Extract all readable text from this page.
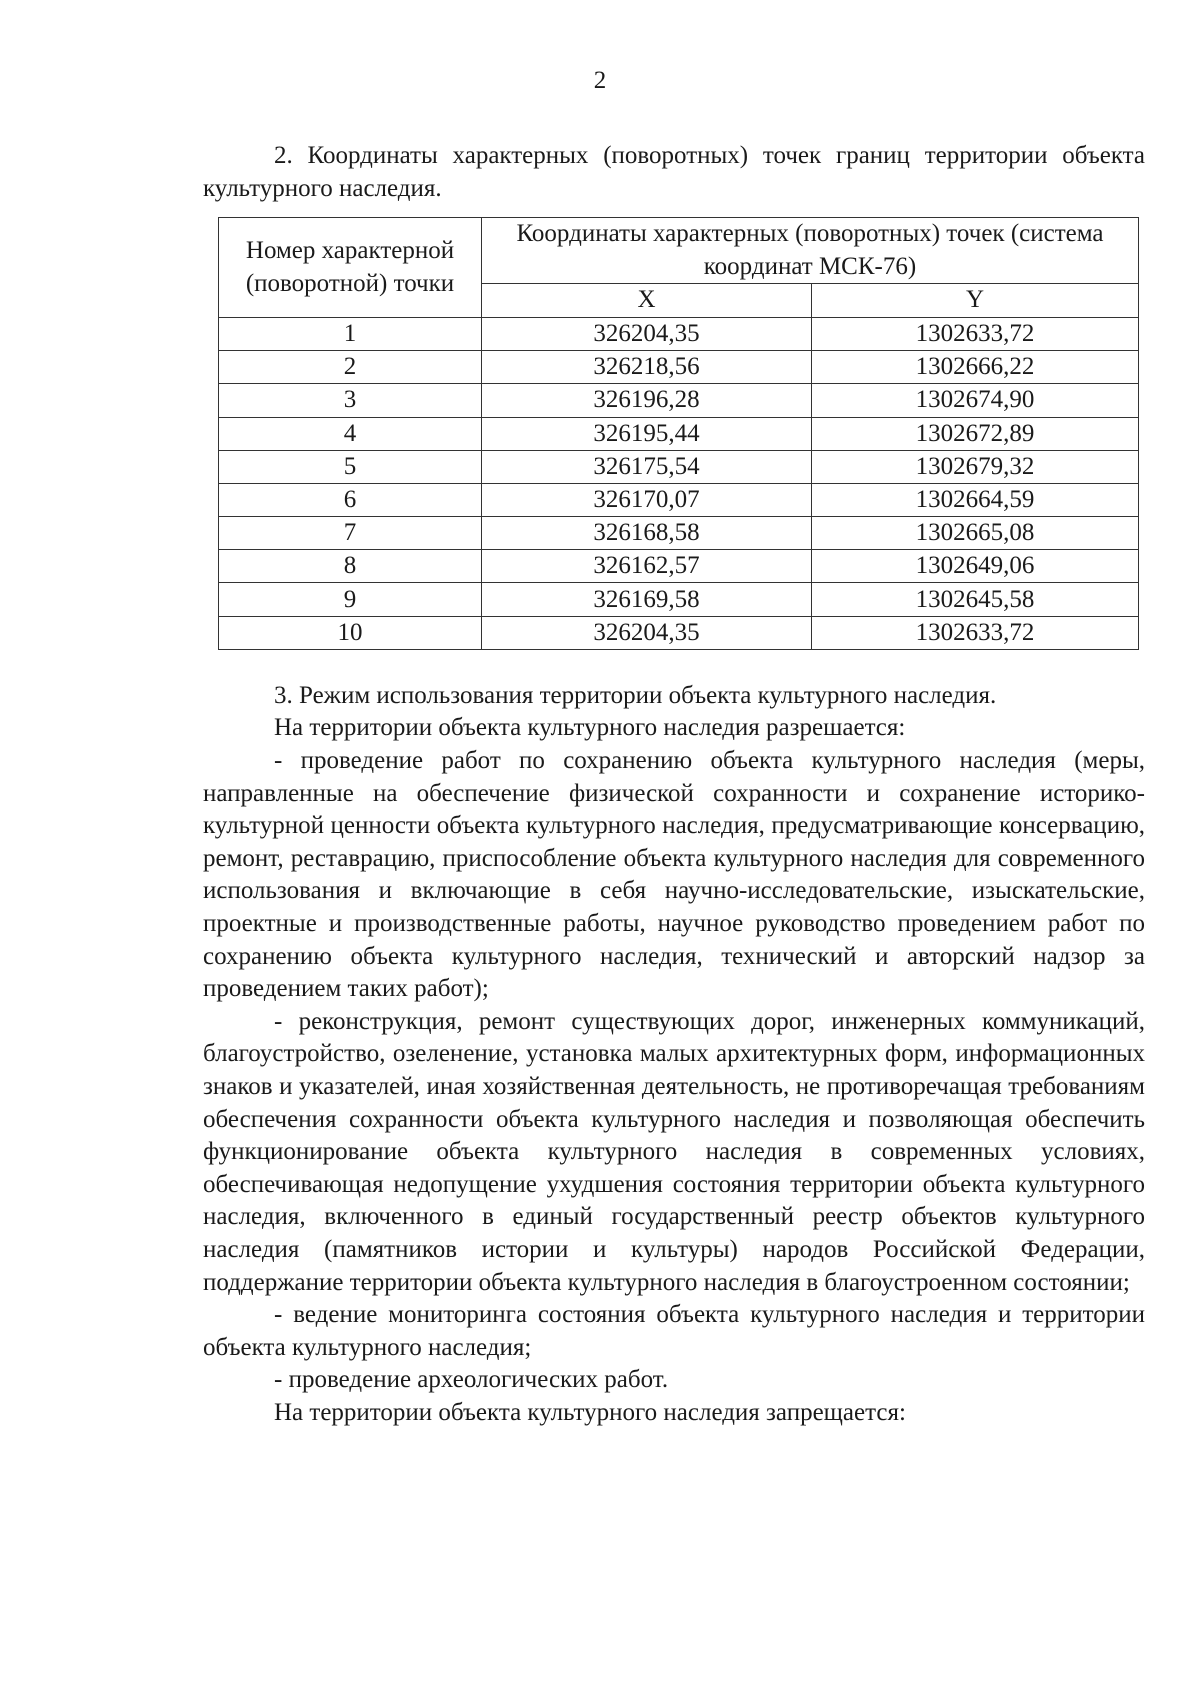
2

2. Координаты характерных (поворотных) точек границ территории объекта культурного наследия.

Номер характерной (поворотной) точки	Координаты характерных (поворотных) точек (система координат МСК-76)	
	X	Y
1	326204,35	1302633,72
2	326218,56	1302666,22
3	326196,28	1302674,90
4	326195,44	1302672,89
5	326175,54	1302679,32
6	326170,07	1302664,59
7	326168,58	1302665,08
8	326162,57	1302649,06
9	326169,58	1302645,58
10	326204,35	1302633,72

3. Режим использования территории объекта культурного наследия.

На территории объекта культурного наследия разрешается:

- проведение работ по сохранению объекта культурного наследия (меры, направленные на обеспечение физической сохранности и сохранение историко-культурной ценности объекта культурного наследия, предусматривающие консервацию, ремонт, реставрацию, приспособление объекта культурного наследия для современного использования и включающие в себя научно-исследовательские, изыскательские, проектные и производственные работы, научное руководство проведением работ по сохранению объекта культурного наследия, технический и авторский надзор за проведением таких работ);

- реконструкция, ремонт существующих дорог, инженерных коммуникаций, благоустройство, озеленение, установка малых архитектурных форм, информационных знаков и указателей, иная хозяйственная деятельность, не противоречащая требованиям обеспечения сохранности объекта культурного наследия и позволяющая обеспечить функционирование объекта культурного наследия в современных условиях, обеспечивающая недопущение ухудшения состояния территории объекта культурного наследия, включенного в единый государственный реестр объектов культурного наследия (памятников истории и культуры) народов Российской Федерации, поддержание территории объекта культурного наследия в благоустроенном состоянии;

- ведение мониторинга состояния объекта культурного наследия и территории объекта культурного наследия;

- проведение археологических работ.

На территории объекта культурного наследия запрещается:
